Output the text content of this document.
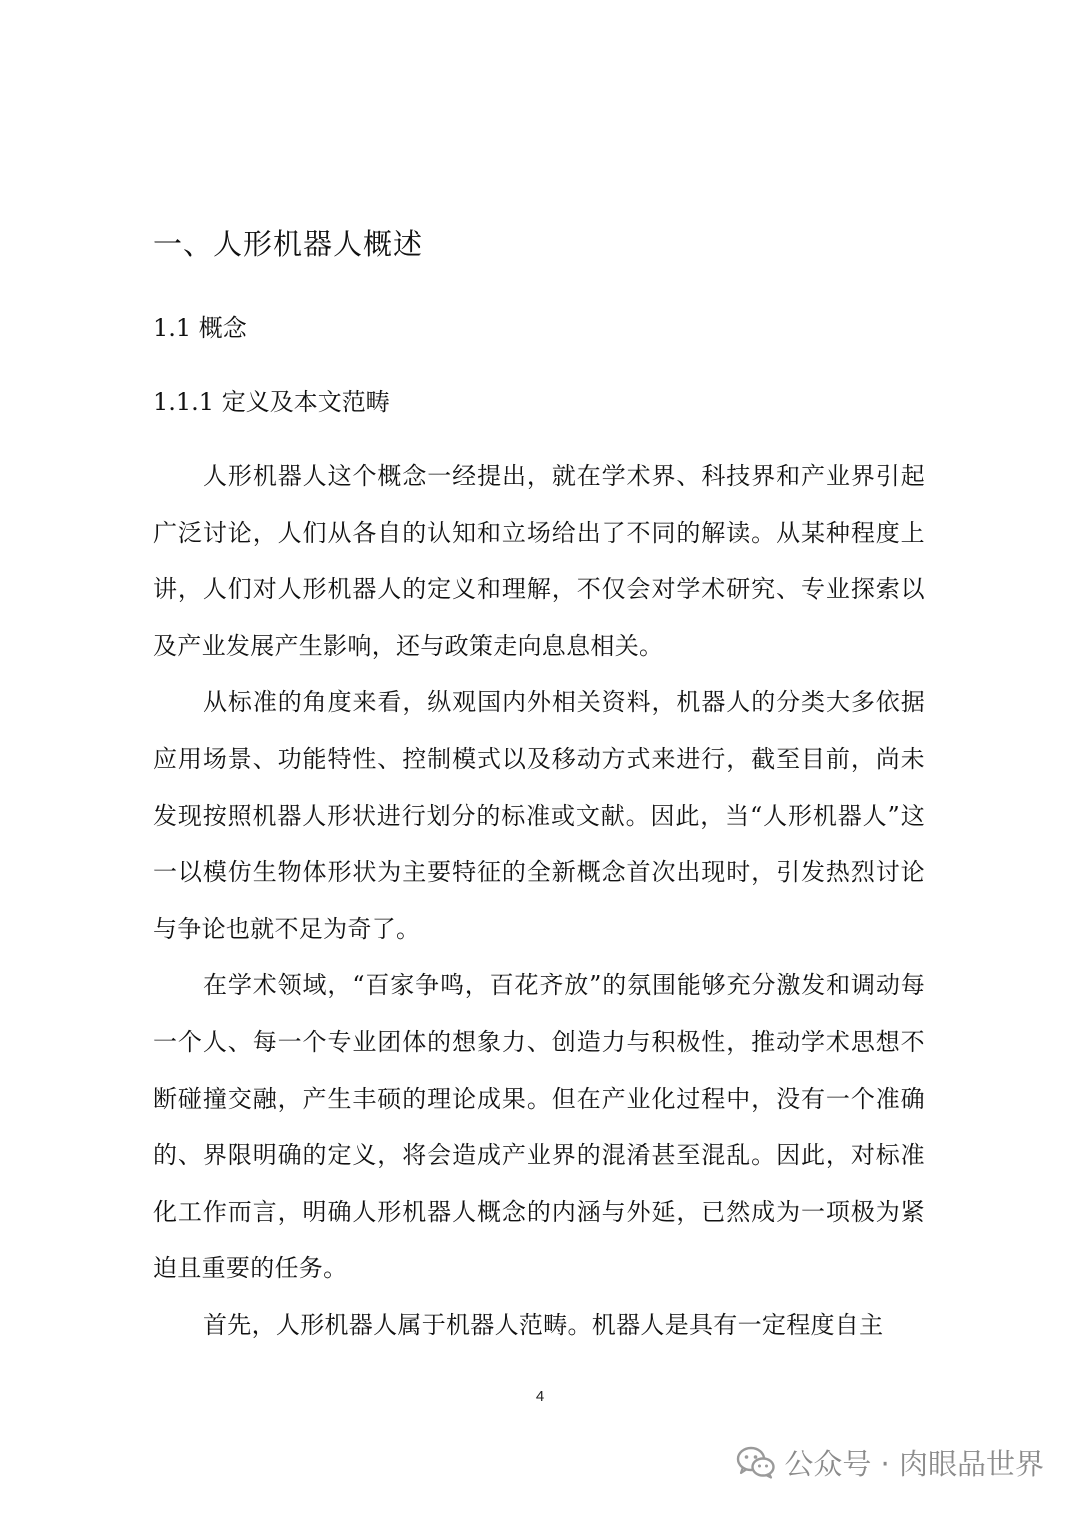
一、人形机器人概述
1.1 概念
1.1.1 定义及本文范畴

人形机器人这个概念一经提出，就在学术界、科技界和产业界引起广泛讨论，人们从各自的认知和立场给出了不同的解读。从某种程度上讲，人们对人形机器人的定义和理解，不仅会对学术研究、专业探索以及产业发展产生影响，还与政策走向息息相关。

从标准的角度来看，纵观国内外相关资料，机器人的分类大多依据应用场景、功能特性、控制模式以及移动方式来进行，截至目前，尚未发现按照机器人形状进行划分的标准或文献。因此，当“人形机器人”这一以模仿生物体形状为主要特征的全新概念首次出现时，引发热烈讨论与争论也就不足为奇了。

在学术领域，“百家争鸣，百花齐放”的氛围能够充分激发和调动每一个人、每一个专业团体的想象力、创造力与积极性，推动学术思想不断碰撞交融，产生丰硕的理论成果。但在产业化过程中，没有一个准确的、界限明确的定义，将会造成产业界的混淆甚至混乱。因此，对标准化工作而言，明确人形机器人概念的内涵与外延，已然成为一项极为紧迫且重要的任务。

首先，人形机器人属于机器人范畴。机器人是具有一定程度自主

4
公众号 · 肉眼品世界
